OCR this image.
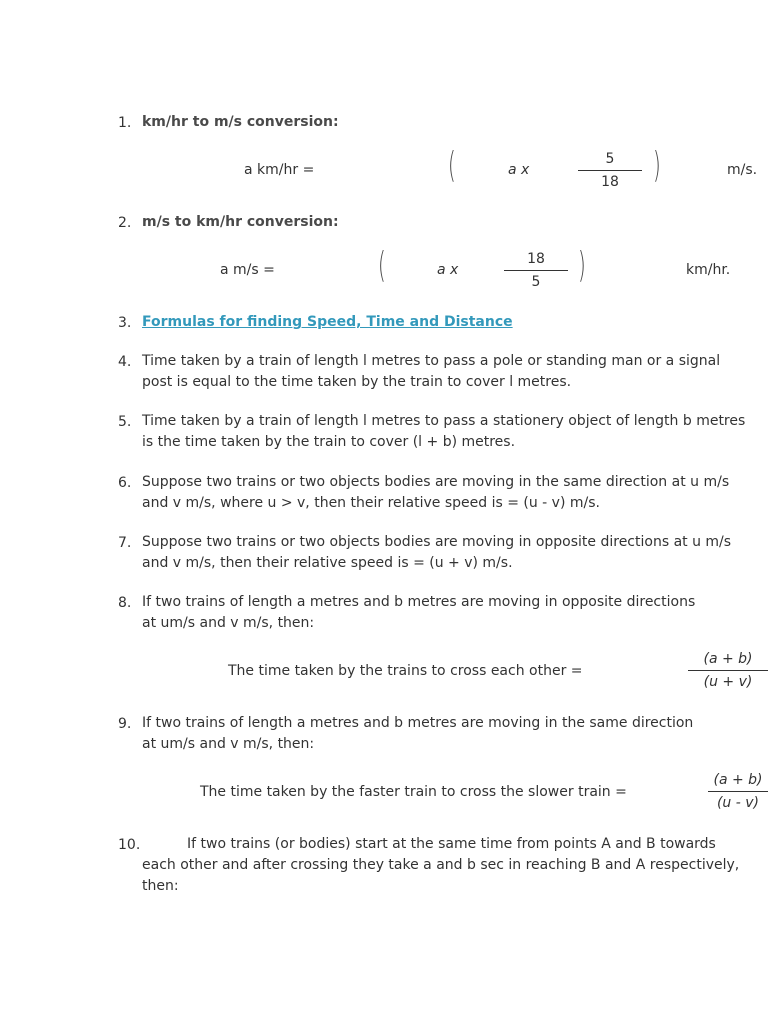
1. km/hr to m/s conversion:
a km/hr =	(	a x
5
18 )	m/s.
2. m/s to km/hr conversion:
a m/s =	(	a x
18
5	)	km/hr.
3. Formulas for finding Speed, Time and Distance
4. Time taken by a train of length l metres to pass a pole or standing man or a signal
post is equal to the time taken by the train to cover l metres.
5. Time taken by a train of length l metres to pass a stationery object of length b metres
is the time taken by the train to cover (l + b) metres.
6. Suppose two trains or two objects bodies are moving in the same direction at u m/s
and v m/s, where u > v, then their relative speed is = (u - v) m/s.
7. Suppose two trains or two objects bodies are moving in opposite directions at u m/s
and v m/s, then their relative speed is = (u + v) m/s.
8. If two trains of length a metres and b metres are moving in opposite directions
at um/s and v m/s, then:
The time taken by the trains to cross each other =
(a + b)
(u + v)
9. If two trains of length a metres and b metres are moving in the same direction
at um/s and v m/s, then:
The time taken by the faster train to cross the slower train =
(a + b)
(u - v)
10.	If two trains (or bodies) start at the same time from points A and B towards
each other and after crossing they take a and b sec in reaching B and A respectively,
then:
